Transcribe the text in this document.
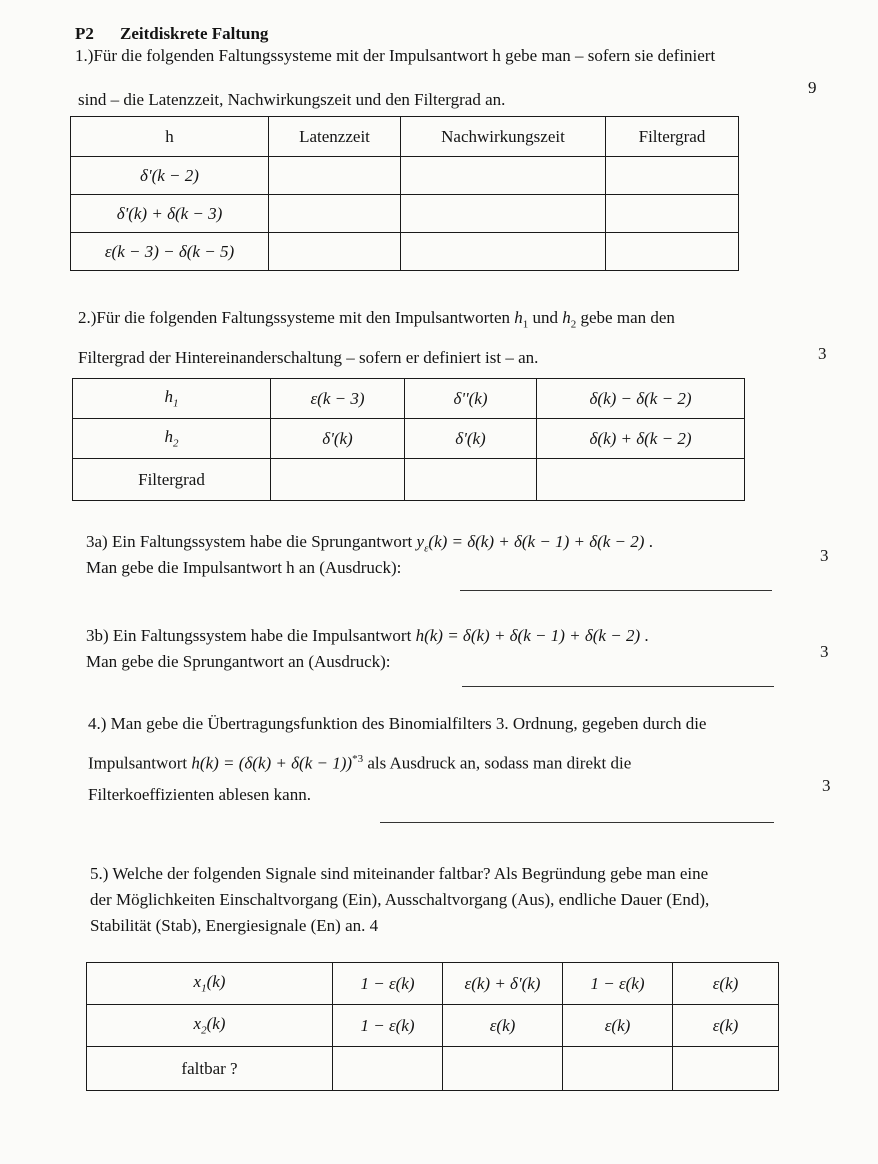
P2 Zeitdiskrete Faltung
1.)Für die folgenden Faltungssysteme mit der Impulsantwort h gebe man – sofern sie definiert
sind – die Latenzzeit, Nachwirkungszeit und den Filtergrad an.
9
h	Latenzzeit	Nachwirkungszeit	Filtergrad
δ'(k − 2)			
δ'(k) + δ(k − 3)			
ε(k − 3) − δ(k − 5)			
2.)Für die folgenden Faltungssysteme mit den Impulsantworten $h_1$ und $h_2$ gebe man den
Filtergrad der Hintereinanderschaltung – sofern er definiert ist – an.	3
$h_1$	ε(k − 3)	δ''(k)	δ(k) − δ(k − 2)
$h_2$	δ'(k)	δ'(k)	δ(k) + δ(k − 2)
Filtergrad			
3a) Ein Faltungssystem habe die Sprungantwort $y_\varepsilon(k) = \delta(k) + \delta(k - 1) + \delta(k - 2)$ .
Man gebe die Impulsantwort h an (Ausdruck):
3
3b) Ein Faltungssystem habe die Impulsantwort h(k) = δ(k) + δ(k − 1) + δ(k − 2) .
Man gebe die Sprungantwort an (Ausdruck):
3
4.) Man gebe die Übertragungsfunktion des Binomialfilters 3. Ordnung, gegeben durch die
Impulsantwort $h(k) = (\delta(k) + \delta(k - 1))^{*3}$ als Ausdruck an, sodass man direkt die
Filterkoeffizienten ablesen kann.	3
5.) Welche der folgenden Signale sind miteinander faltbar? Als Begründung gebe man eine
der Möglichkeiten Einschaltvorgang (Ein), Ausschaltvorgang (Aus), endliche Dauer (End),
Stabilität (Stab), Energiesignale (En) an. 4
$x_1(k)$	1 − ε(k)	ε(k) + δ'(k)	1 − ε(k)	ε(k)
$x_2(k)$	1 − ε(k)	ε(k)	ε(k)	ε(k)
faltbar ?				
